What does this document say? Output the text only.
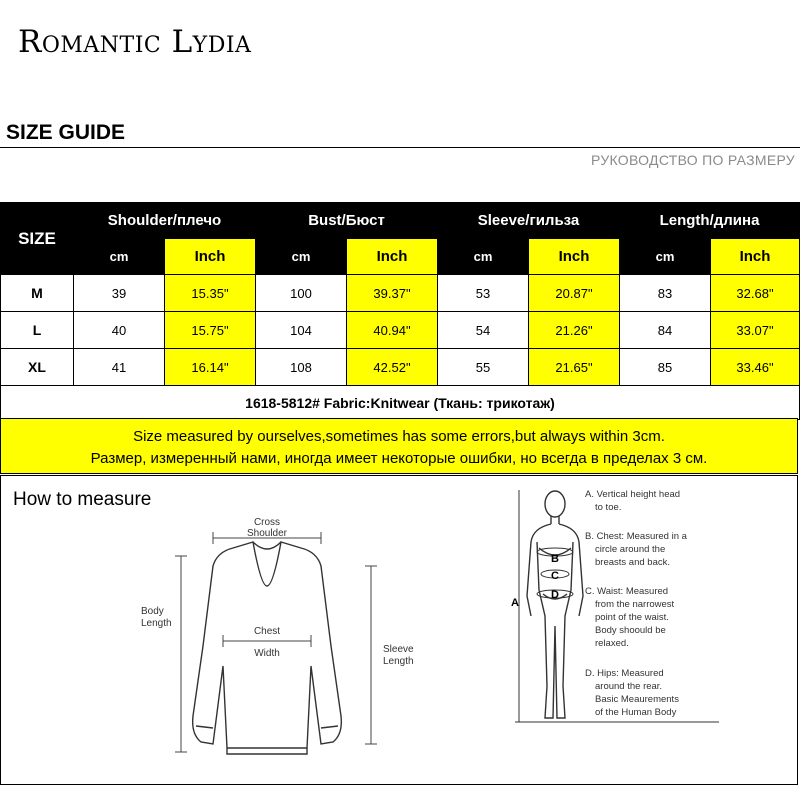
Romantic Lydia
SIZE GUIDE
РУКОВОДСТВО ПО РАЗМЕРУ
SIZE	Shoulder/плечо		Bust/Бюст		Sleeve/гильза		Length/длина	
	cm	Inch	cm	Inch	cm	Inch	cm	Inch
M	39	15.35"	100	39.37"	53	20.87"	83	32.68"
L	40	15.75"	104	40.94"	54	21.26"	84	33.07"
XL	41	16.14"	108	42.52"	55	21.65"	85	33.46"
1618-5812# Fabric:Knitwear (Ткань: трикотаж)								
Size measured by ourselves,sometimes has some errors,but always within 3cm.
Размер, измеренный нами, иногда имеет некоторые ошибки, но всегда в пределах 3 см.
How to measure
Cross
Shoulder
Body
Length
Chest
Width	Sleeve
Length
A
B
C
D
A. Vertical height head
to toe.
B. Chest: Measured in a
circle around the
breasts and back.
C. Waist: Measured
from the narrowest
point of the waist.
Body shoould be
relaxed.
D. Hips: Measured
around the rear.
Basic Meaurements
of the Human Body
